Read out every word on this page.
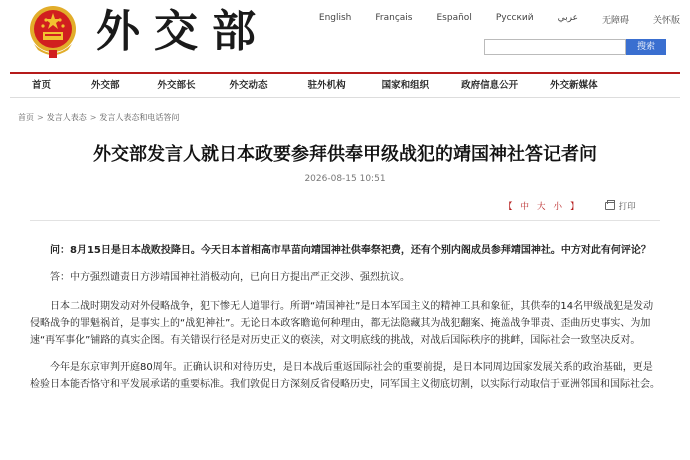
外交部	English	Français	Español	Русский	عربي	无障碍	关怀版
搜索
首页	外交部	外交部长	外交动态	驻外机构	国家和组织	政府信息公开	外交新媒体
首页 > 发言人表态 > 发言人表态和电话答问
外交部发言人就日本政要参拜供奉甲级战犯的靖国神社答记者问
2026-08-15 10:51
【 中 大 小 】	打印

问：8月15日是日本战败投降日。今天日本首相高市早苗向靖国神社供奉祭祀费，还有个别内阁成员参拜靖国神社。中方对此有何评论？

答：中方强烈谴责日方涉靖国神社消极动向，已向日方提出严正交涉、强烈抗议。

日本二战时期发动对外侵略战争，犯下惨无人道罪行。所谓“靖国神社”是日本军国主义的精神工具和象征，其供奉的14名甲级战犯是发动侵略战争的罪魁祸首，是事实上的“战犯神社”。无论日本政客瞻诡何种理由，都无法隐藏其为战犯翻案、掩盖战争罪责、歪曲历史事实、为加速“再军事化”铺路的真实企图。有关错误行径是对历史正义的亵渎，对文明底线的挑战，对战后国际秩序的挑衅，国际社会一致坚决反对。

今年是东京审判开庭80周年。正确认识和对待历史，是日本战后重返国际社会的重要前提，是日本同周边国家发展关系的政治基础，更是检验日本能否恪守和平发展承诺的重要标准。我们敦促日方深刻反省侵略历史，同军国主义彻底切割，以实际行动取信于亚洲邻国和国际社会。
